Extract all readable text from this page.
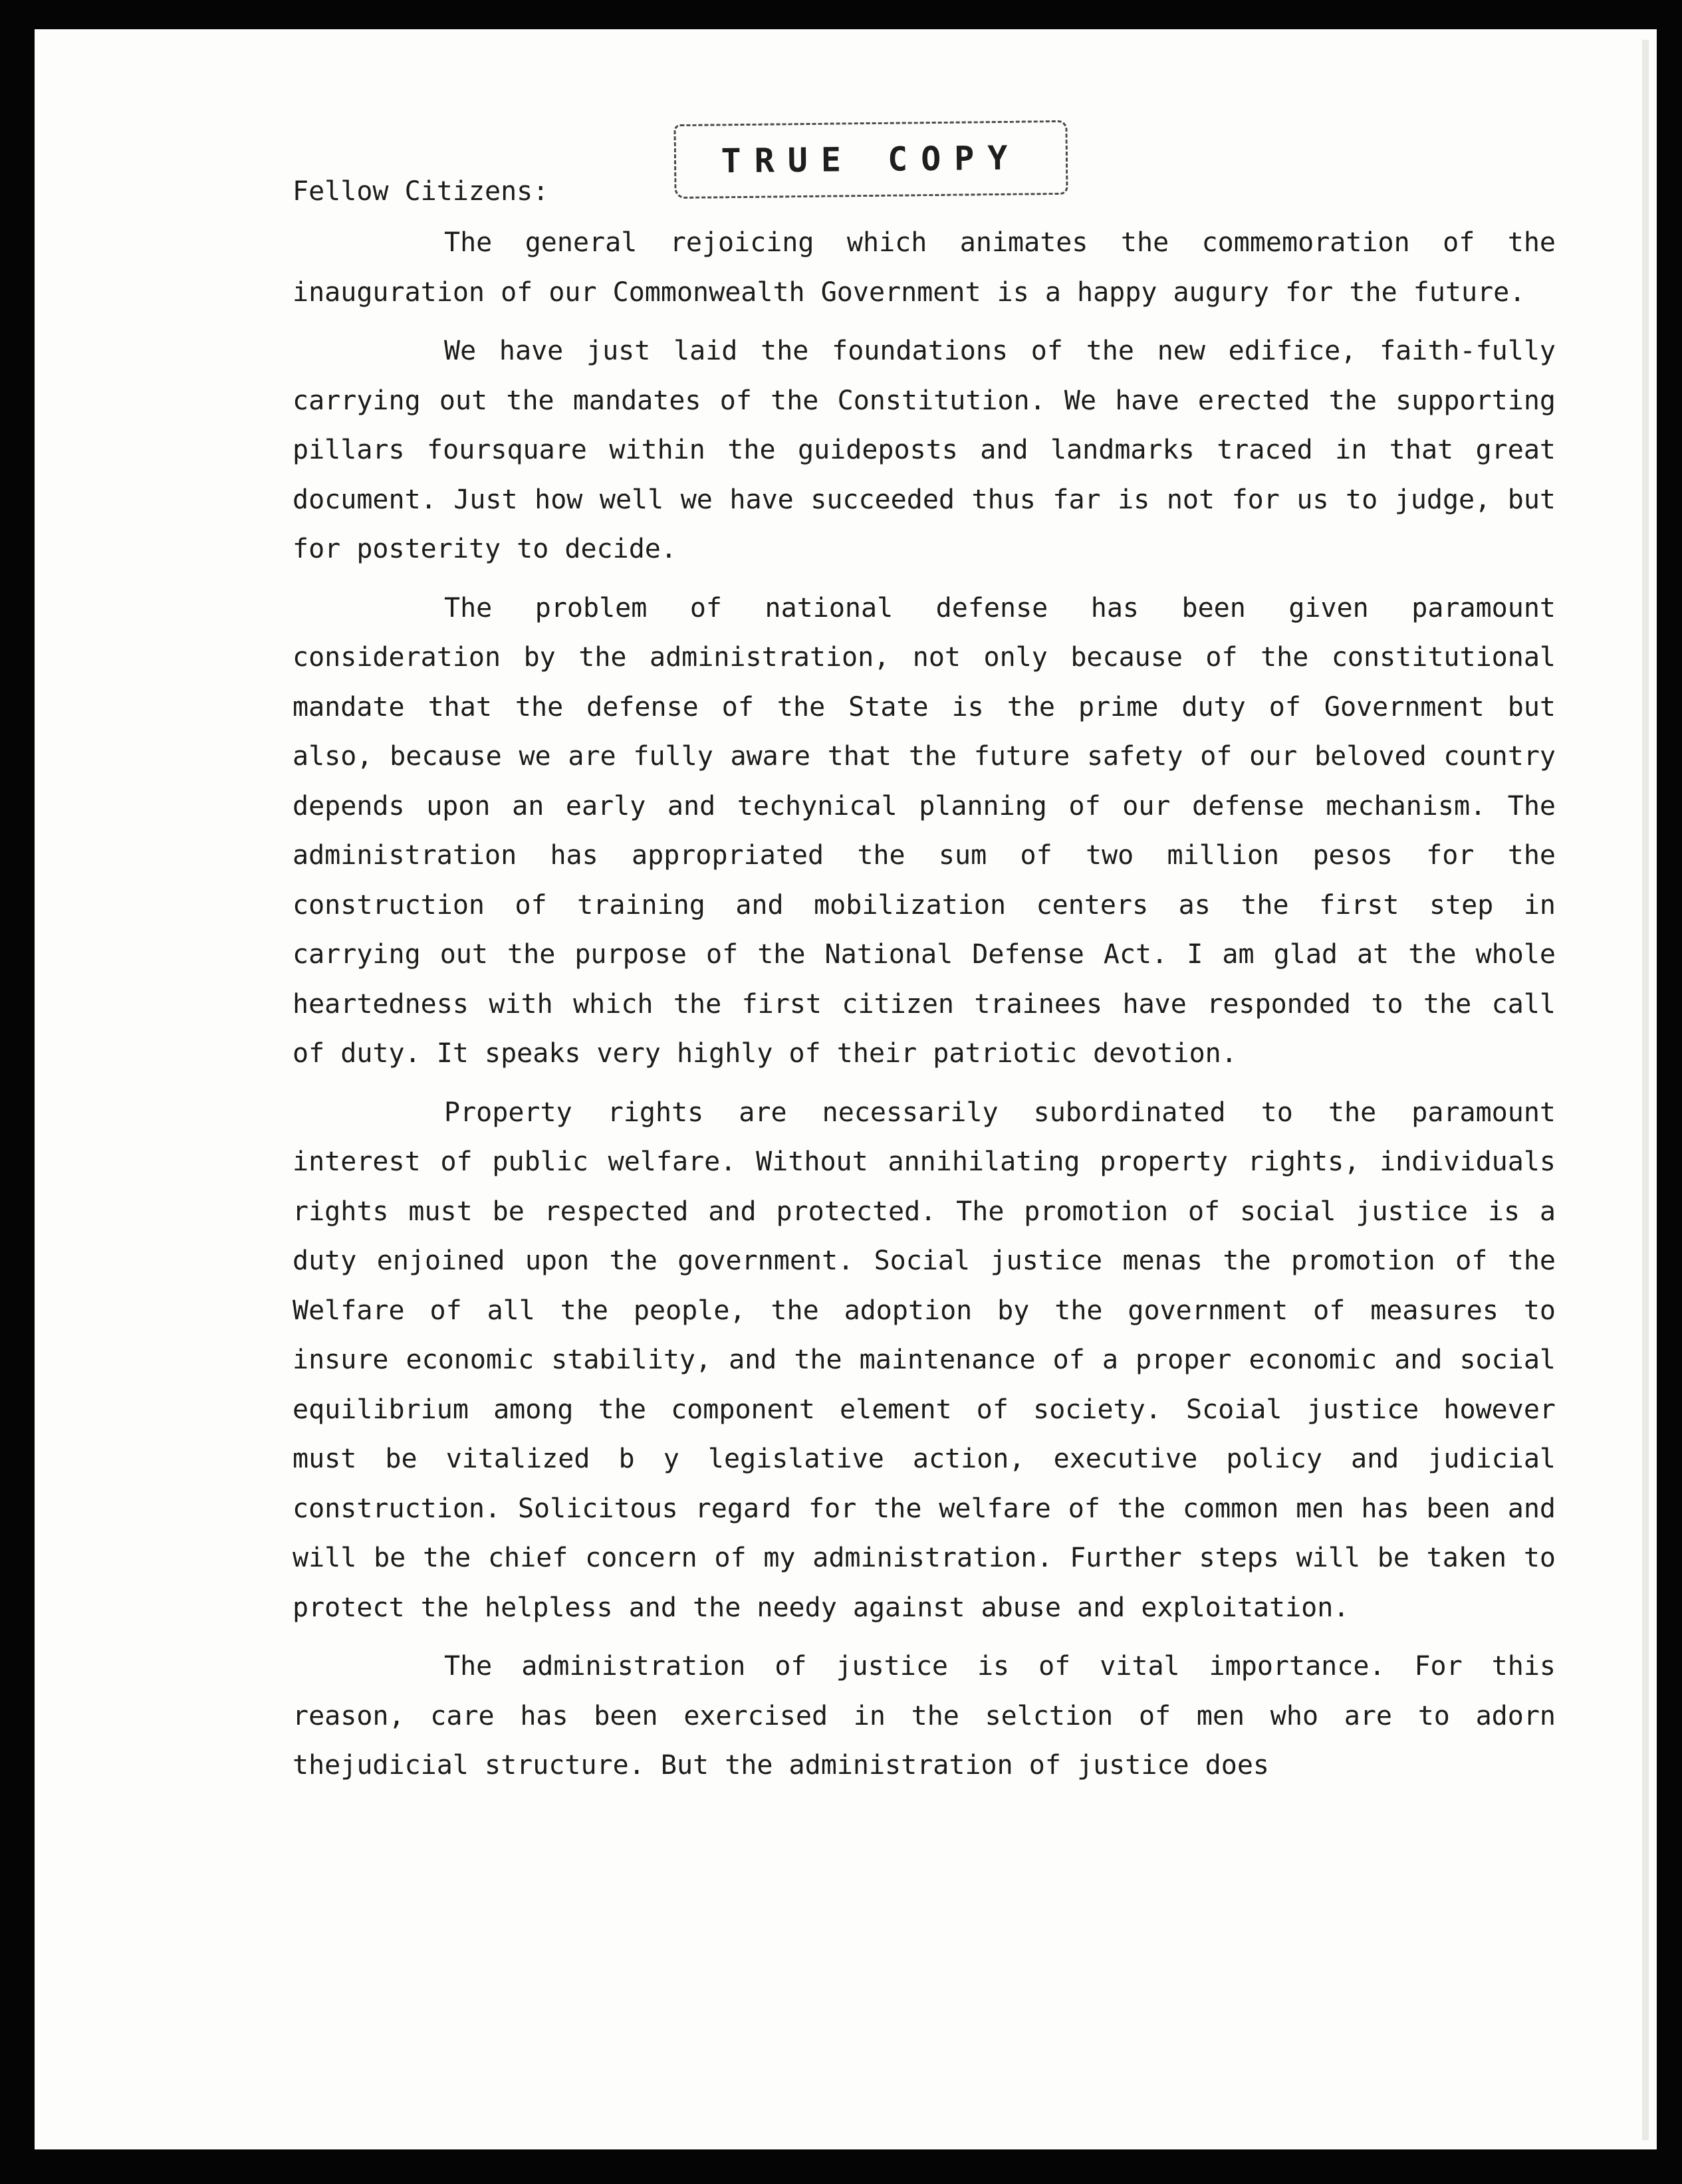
TRUE COPY

Fellow Citizens:

The general rejoicing which animates the commemoration of the inauguration of our Commonwealth Government is a happy augury for the future.

We have just laid the foundations of the new edifice, faith-fully carrying out the mandates of the Constitution. We have erected the supporting pillars foursquare within the guideposts and landmarks traced in that great document. Just how well we have succeeded thus far is not for us to judge, but for posterity to decide.

The problem of national defense has been given paramount consideration by the administration, not only because of the constitutional mandate that the defense of the State is the prime duty of Government but also, because we are fully aware that the future safety of our beloved country depends upon an early and techynical planning of our defense mechanism. The administration has appropriated the sum of two million pesos for the construction of training and mobilization centers as the first step in carrying out the purpose of the National Defense Act. I am glad at the whole heartedness with which the first citizen trainees have responded to the call of duty. It speaks very highly of their patriotic devotion.

Property rights are necessarily subordinated to the paramount interest of public welfare. Without annihilating property rights, individuals rights must be respected and protected. The promotion of social justice is a duty enjoined upon the government. Social justice menas the promotion of the Welfare of all the people, the adoption by the government of measures to insure economic stability, and the maintenance of a proper economic and social equilibrium among the component element of society. Scoial justice however must be vitalized b y legislative action, executive policy and judicial construction. Solicitous regard for the welfare of the common men has been and will be the chief concern of my administration. Further steps will be taken to protect the helpless and the needy against abuse and exploitation.

The administration of justice is of vital importance. For this reason, care has been exercised in the selction of men who are to adorn thejudicial structure. But the administration of justice does
